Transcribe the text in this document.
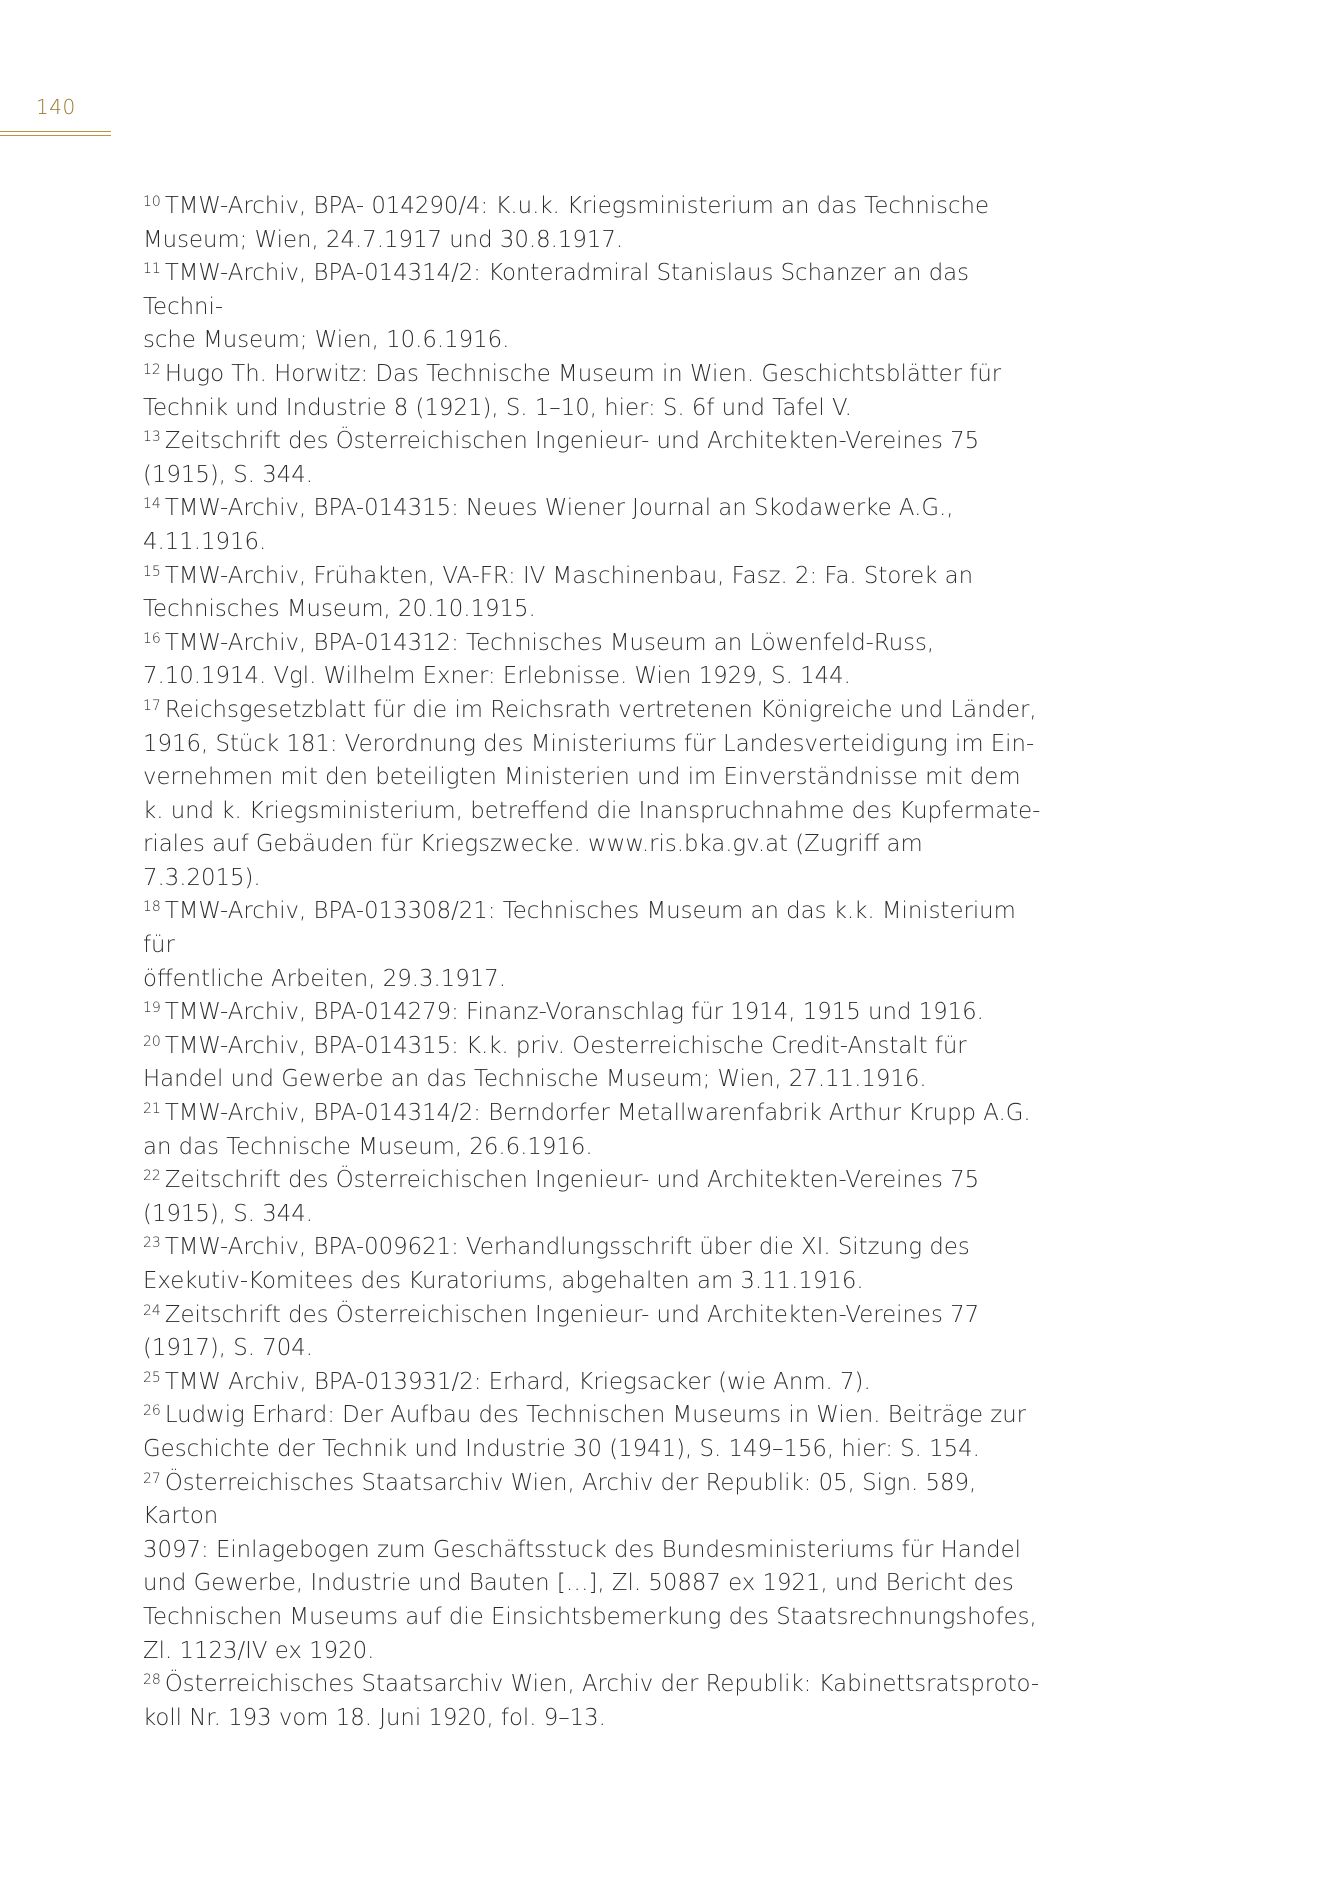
140
$^{10}$ TMW-Archiv, BPA- 014290/4: K.u.k. Kriegsministerium an das Technische
Museum; Wien, 24.7.1917 und 30.8.1917.
$^{11}$ TMW-Archiv, BPA-014314/2: Konteradmiral Stanislaus Schanzer an das Techni-
sche Museum; Wien, 10.6.1916.
$^{12}$ Hugo Th. Horwitz: Das Technische Museum in Wien. Geschichtsblätter für
Technik und Industrie 8 (1921), S. 1–10, hier: S. 6f und Tafel V.
$^{13}$ Zeitschrift des Österreichischen Ingenieur- und Architekten-Vereines 75
(1915), S. 344.
$^{14}$ TMW-Archiv, BPA-014315: Neues Wiener Journal an Skodawerke A.G.,
4.11.1916.
$^{15}$ TMW-Archiv, Frühakten, VA-FR: IV Maschinenbau, Fasz. 2: Fa. Storek an
Technisches Museum, 20.10.1915.
$^{16}$ TMW-Archiv, BPA-014312: Technisches Museum an Löwenfeld-Russ,
7.10.1914. Vgl. Wilhelm Exner: Erlebnisse. Wien 1929, S. 144.
$^{17}$ Reichsgesetzblatt für die im Reichsrath vertretenen Königreiche und Länder,
1916, Stück 181: Verordnung des Ministeriums für Landesverteidigung im Ein-
vernehmen mit den beteiligten Ministerien und im Einverständnisse mit dem
k. und k. Kriegsministerium, betreffend die Inanspruchnahme des Kupfermate-
riales auf Gebäuden für Kriegszwecke. www.ris.bka.gv.at (Zugriff am 7.3.2015).
$^{18}$ TMW-Archiv, BPA-013308/21: Technisches Museum an das k.k. Ministerium für
öffentliche Arbeiten, 29.3.1917.
$^{19}$ TMW-Archiv, BPA-014279: Finanz-Voranschlag für 1914, 1915 und 1916.
$^{20}$ TMW-Archiv, BPA-014315: K.k. priv. Oesterreichische Credit-Anstalt für
Handel und Gewerbe an das Technische Museum; Wien, 27.11.1916.
$^{21}$ TMW-Archiv, BPA-014314/2: Berndorfer Metallwarenfabrik Arthur Krupp A.G.
an das Technische Museum, 26.6.1916.
$^{22}$ Zeitschrift des Österreichischen Ingenieur- und Architekten-Vereines 75
(1915), S. 344.
$^{23}$ TMW-Archiv, BPA-009621: Verhandlungsschrift über die XI. Sitzung des
Exekutiv-Komitees des Kuratoriums, abgehalten am 3.11.1916.
$^{24}$ Zeitschrift des Österreichischen Ingenieur- und Architekten-Vereines 77
(1917), S. 704.
$^{25}$ TMW Archiv, BPA-013931/2: Erhard, Kriegsacker (wie Anm. 7).
$^{26}$ Ludwig Erhard: Der Aufbau des Technischen Museums in Wien. Beiträge zur
Geschichte der Technik und Industrie 30 (1941), S. 149–156, hier: S. 154.
$^{27}$ Österreichisches Staatsarchiv Wien, Archiv der Republik: 05, Sign. 589, Karton
3097: Einlagebogen zum Geschäftsstuck des Bundesministeriums für Handel
und Gewerbe, Industrie und Bauten […], Zl. 50887 ex 1921, und Bericht des
Technischen Museums auf die Einsichtsbemerkung des Staatsrechnungshofes,
Zl. 1123/IV ex 1920.
$^{28}$ Österreichisches Staatsarchiv Wien, Archiv der Republik: Kabinettsratsproto-
koll Nr. 193 vom 18. Juni 1920, fol. 9–13.
